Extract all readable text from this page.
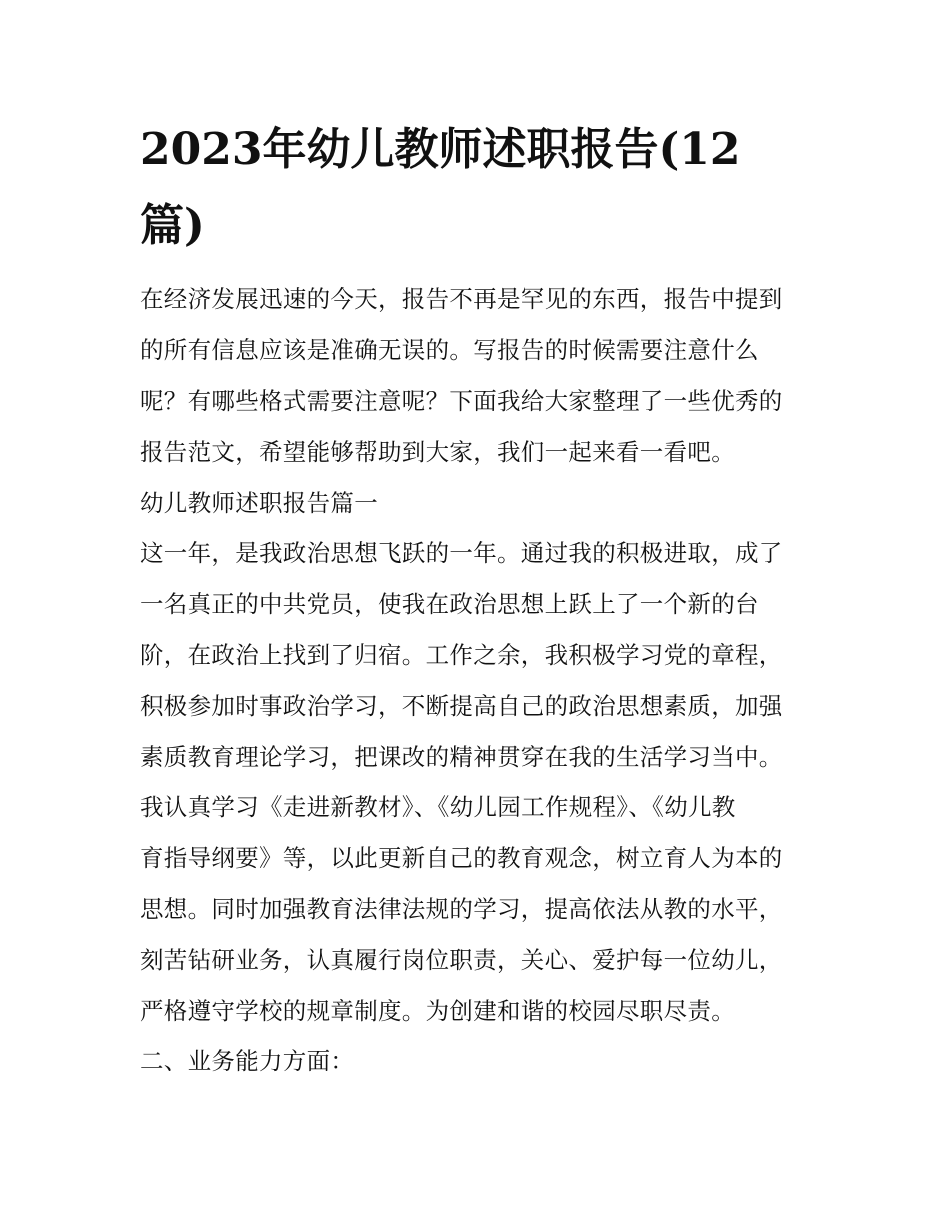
2023年幼儿教师述职报告(12
篇)

在经济发展迅速的今天，报告不再是罕见的东西，报告中提到

的所有信息应该是准确无误的。写报告的时候需要注意什么

呢？有哪些格式需要注意呢？下面我给大家整理了一些优秀的

报告范文，希望能够帮助到大家，我们一起来看一看吧。

幼儿教师述职报告篇一

这一年，是我政治思想飞跃的一年。通过我的积极进取，成了

一名真正的中共党员，使我在政治思想上跃上了一个新的台

阶，在政治上找到了归宿。工作之余，我积极学习党的章程，

积极参加时事政治学习，不断提高自己的政治思想素质，加强

素质教育理论学习，把课改的精神贯穿在我的生活学习当中。

我认真学习《走进新教材》、《幼儿园工作规程》、《幼儿教

育指导纲要》等，以此更新自己的教育观念，树立育人为本的

思想。同时加强教育法律法规的学习，提高依法从教的水平，

刻苦钻研业务，认真履行岗位职责，关心、爱护每一位幼儿，

严格遵守学校的规章制度。为创建和谐的校园尽职尽责。

二、业务能力方面：
